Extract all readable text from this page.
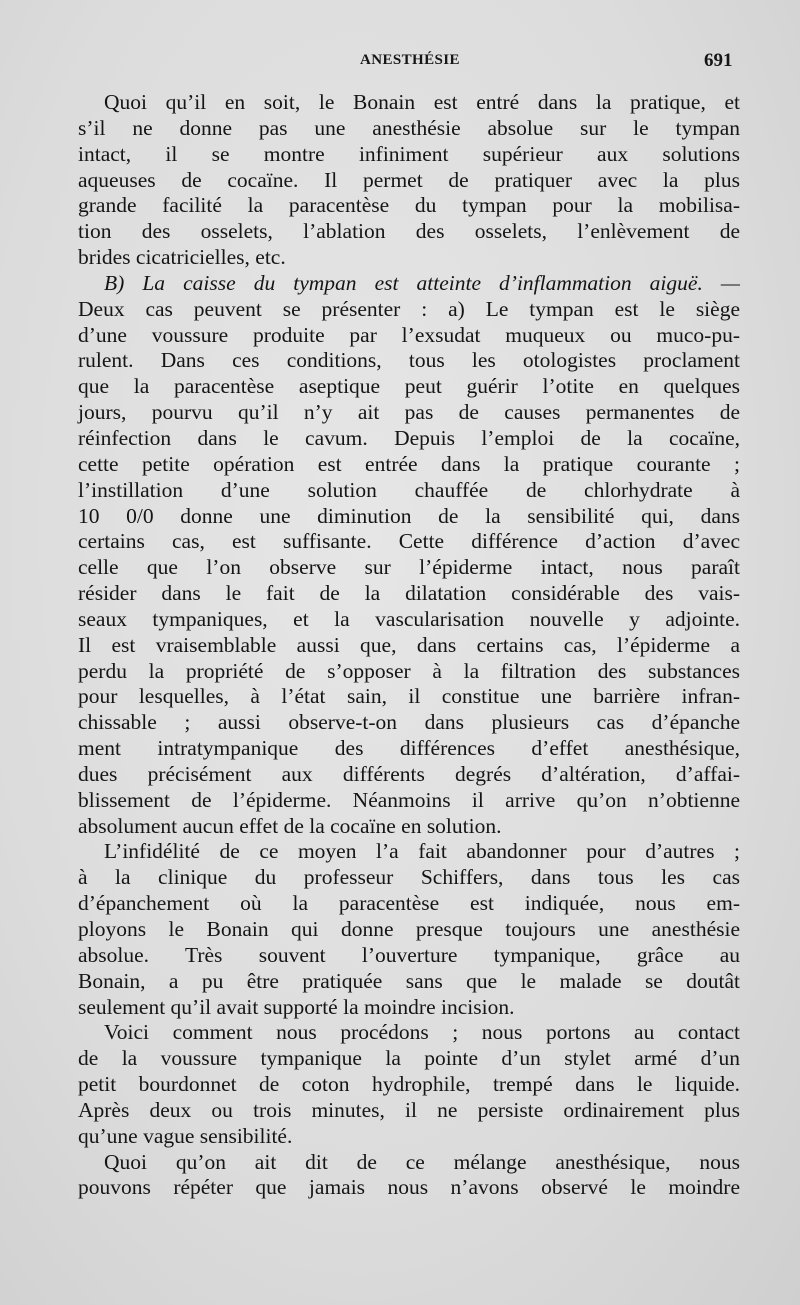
ANESTHÉSIE	691
Quoi qu’il en soit, le Bonain est entré dans la pratique, et
s’il ne donne pas une anesthésie absolue sur le tympan
intact, il se montre infiniment supérieur aux solutions
aqueuses de cocaïne. Il permet de pratiquer avec la plus
grande facilité la paracentèse du tympan pour la mobilisa-
tion des osselets, l’ablation des osselets, l’enlèvement de
brides cicatricielles, etc.
B) La caisse du tympan est atteinte d’inflammation aiguë. —
Deux cas peuvent se présenter : a) Le tympan est le siège
d’une voussure produite par l’exsudat muqueux ou muco-pu-
rulent. Dans ces conditions, tous les otologistes proclament
que la paracentèse aseptique peut guérir l’otite en quelques
jours, pourvu qu’il n’y ait pas de causes permanentes de
réinfection dans le cavum. Depuis l’emploi de la cocaïne,
cette petite opération est entrée dans la pratique courante ;
l’instillation d’une solution chauffée de chlorhydrate à
10 0/0 donne une diminution de la sensibilité qui, dans
certains cas, est suffisante. Cette différence d’action d’avec
celle que l’on observe sur l’épiderme intact, nous paraît
résider dans le fait de la dilatation considérable des vais-
seaux tympaniques, et la vascularisation nouvelle y adjointe.
Il est vraisemblable aussi que, dans certains cas, l’épiderme a
perdu la propriété de s’opposer à la filtration des substances
pour lesquelles, à l’état sain, il constitue une barrière infran-
chissable ; aussi observe-t-on dans plusieurs cas d’épanche
ment intratympanique des différences d’effet anesthésique,
dues précisément aux différents degrés d’altération, d’affai-
blissement de l’épiderme. Néanmoins il arrive qu’on n’obtienne
absolument aucun effet de la cocaïne en solution.
L’infidélité de ce moyen l’a fait abandonner pour d’autres ;
à la clinique du professeur Schiffers, dans tous les cas
d’épanchement où la paracentèse est indiquée, nous em-
ployons le Bonain qui donne presque toujours une anesthésie
absolue. Très souvent l’ouverture tympanique, grâce au
Bonain, a pu être pratiquée sans que le malade se doutât
seulement qu’il avait supporté la moindre incision.
Voici comment nous procédons ; nous portons au contact
de la voussure tympanique la pointe d’un stylet armé d’un
petit bourdonnet de coton hydrophile, trempé dans le liquide.
Après deux ou trois minutes, il ne persiste ordinairement plus
qu’une vague sensibilité.
Quoi qu’on ait dit de ce mélange anesthésique, nous
pouvons répéter que jamais nous n’avons observé le moindre
